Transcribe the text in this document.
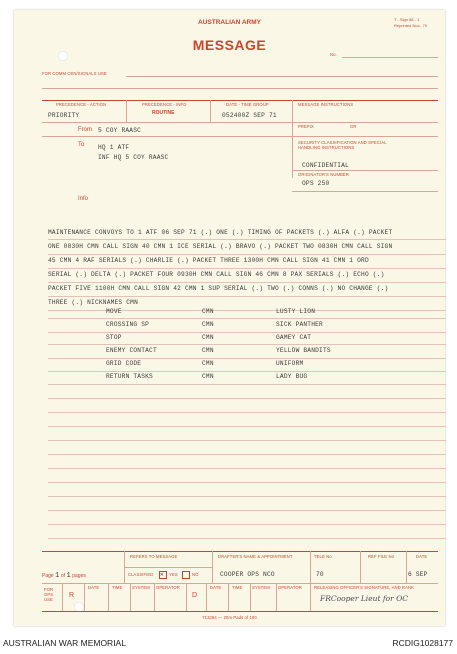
AUSTRALIAN ARMY	T - Sign 58 - 1
Reprinted Nov., 70
MESSAGE
No.
FOR COMM CEN/SIGNALS USE
PRECEDENCE - ACTION
PRIORITY
PRECEDENCE - INFO
ROUTINE
DATE - TIME GROUP
052400Z SEP 71
MESSAGE INSTRUCTIONS
From 5 COY RAASC
PREFIX	GR
To HQ 1 ATF
INF HQ 5 COY RAASC
SECURITY CLASSIFICATION AND SPECIAL
HANDLING INSTRUCTIONS
CONFIDENTIAL
ORIGINATOR'S NUMBER
OPS 250
Info
MAINTENANCE CONVOYS TO 1 ATF 06 SEP 71 (.) ONE (.) TIMING OF PACKETS (.) ALFA (.) PACKET
ONE 0830H CMN CALL SIGN 40 CMN 1 ICE SERIAL (.) BRAVO (.) PACKET TWO 0830H CMN CALL SIGN
45 CMN 4 RAF SERIALS (.) CHARLIE (.) PACKET THREE 1300H CMN CALL SIGN 41 CMN 1 ORD
SERIAL (.) DELTA (.) PACKET FOUR 0930H CMN CALL SIGN 46 CMN 8 PAX SERIALS (.) ECHO (.)
PACKET FIVE 1100H CMN CALL SIGN 42 CMN 1 SUP SERIAL (.) TWO (.) CONNS (.) NO CHANGE (.)
THREE (.) NICKNAMES CMN
MOVE	CMN	LUSTY LION
CROSSING SP	CMN	SICK PANTHER
STOP	CMN	GAMEY CAT
ENEMY CONTACT	CMN	YELLOW BANDITS
GRID CODE	CMN	UNIFORM
RETURN TASKS	CMN	LADY BUG
Page 1 of 1 pages
REFERS TO MESSAGE
CLASSIFIED ✕ YES	NO
DRAFTER'S NAME & APPOINTMENT
COOPER OPS NCO
TELE No
70
REF FILE No	DATE
6 SEP
FOR OPS USE
R
DATE	TIME SYSTEM OPERATOR
D
DATE	TIME SYSTEM OPERATOR	RELEASING OFFICER'S SIGNATURE, AND RANK
FRCooper Lieut for OC
713264 — 20m Pads of 100
AUSTRALIAN WAR MEMORIAL	RCDIG1028177
